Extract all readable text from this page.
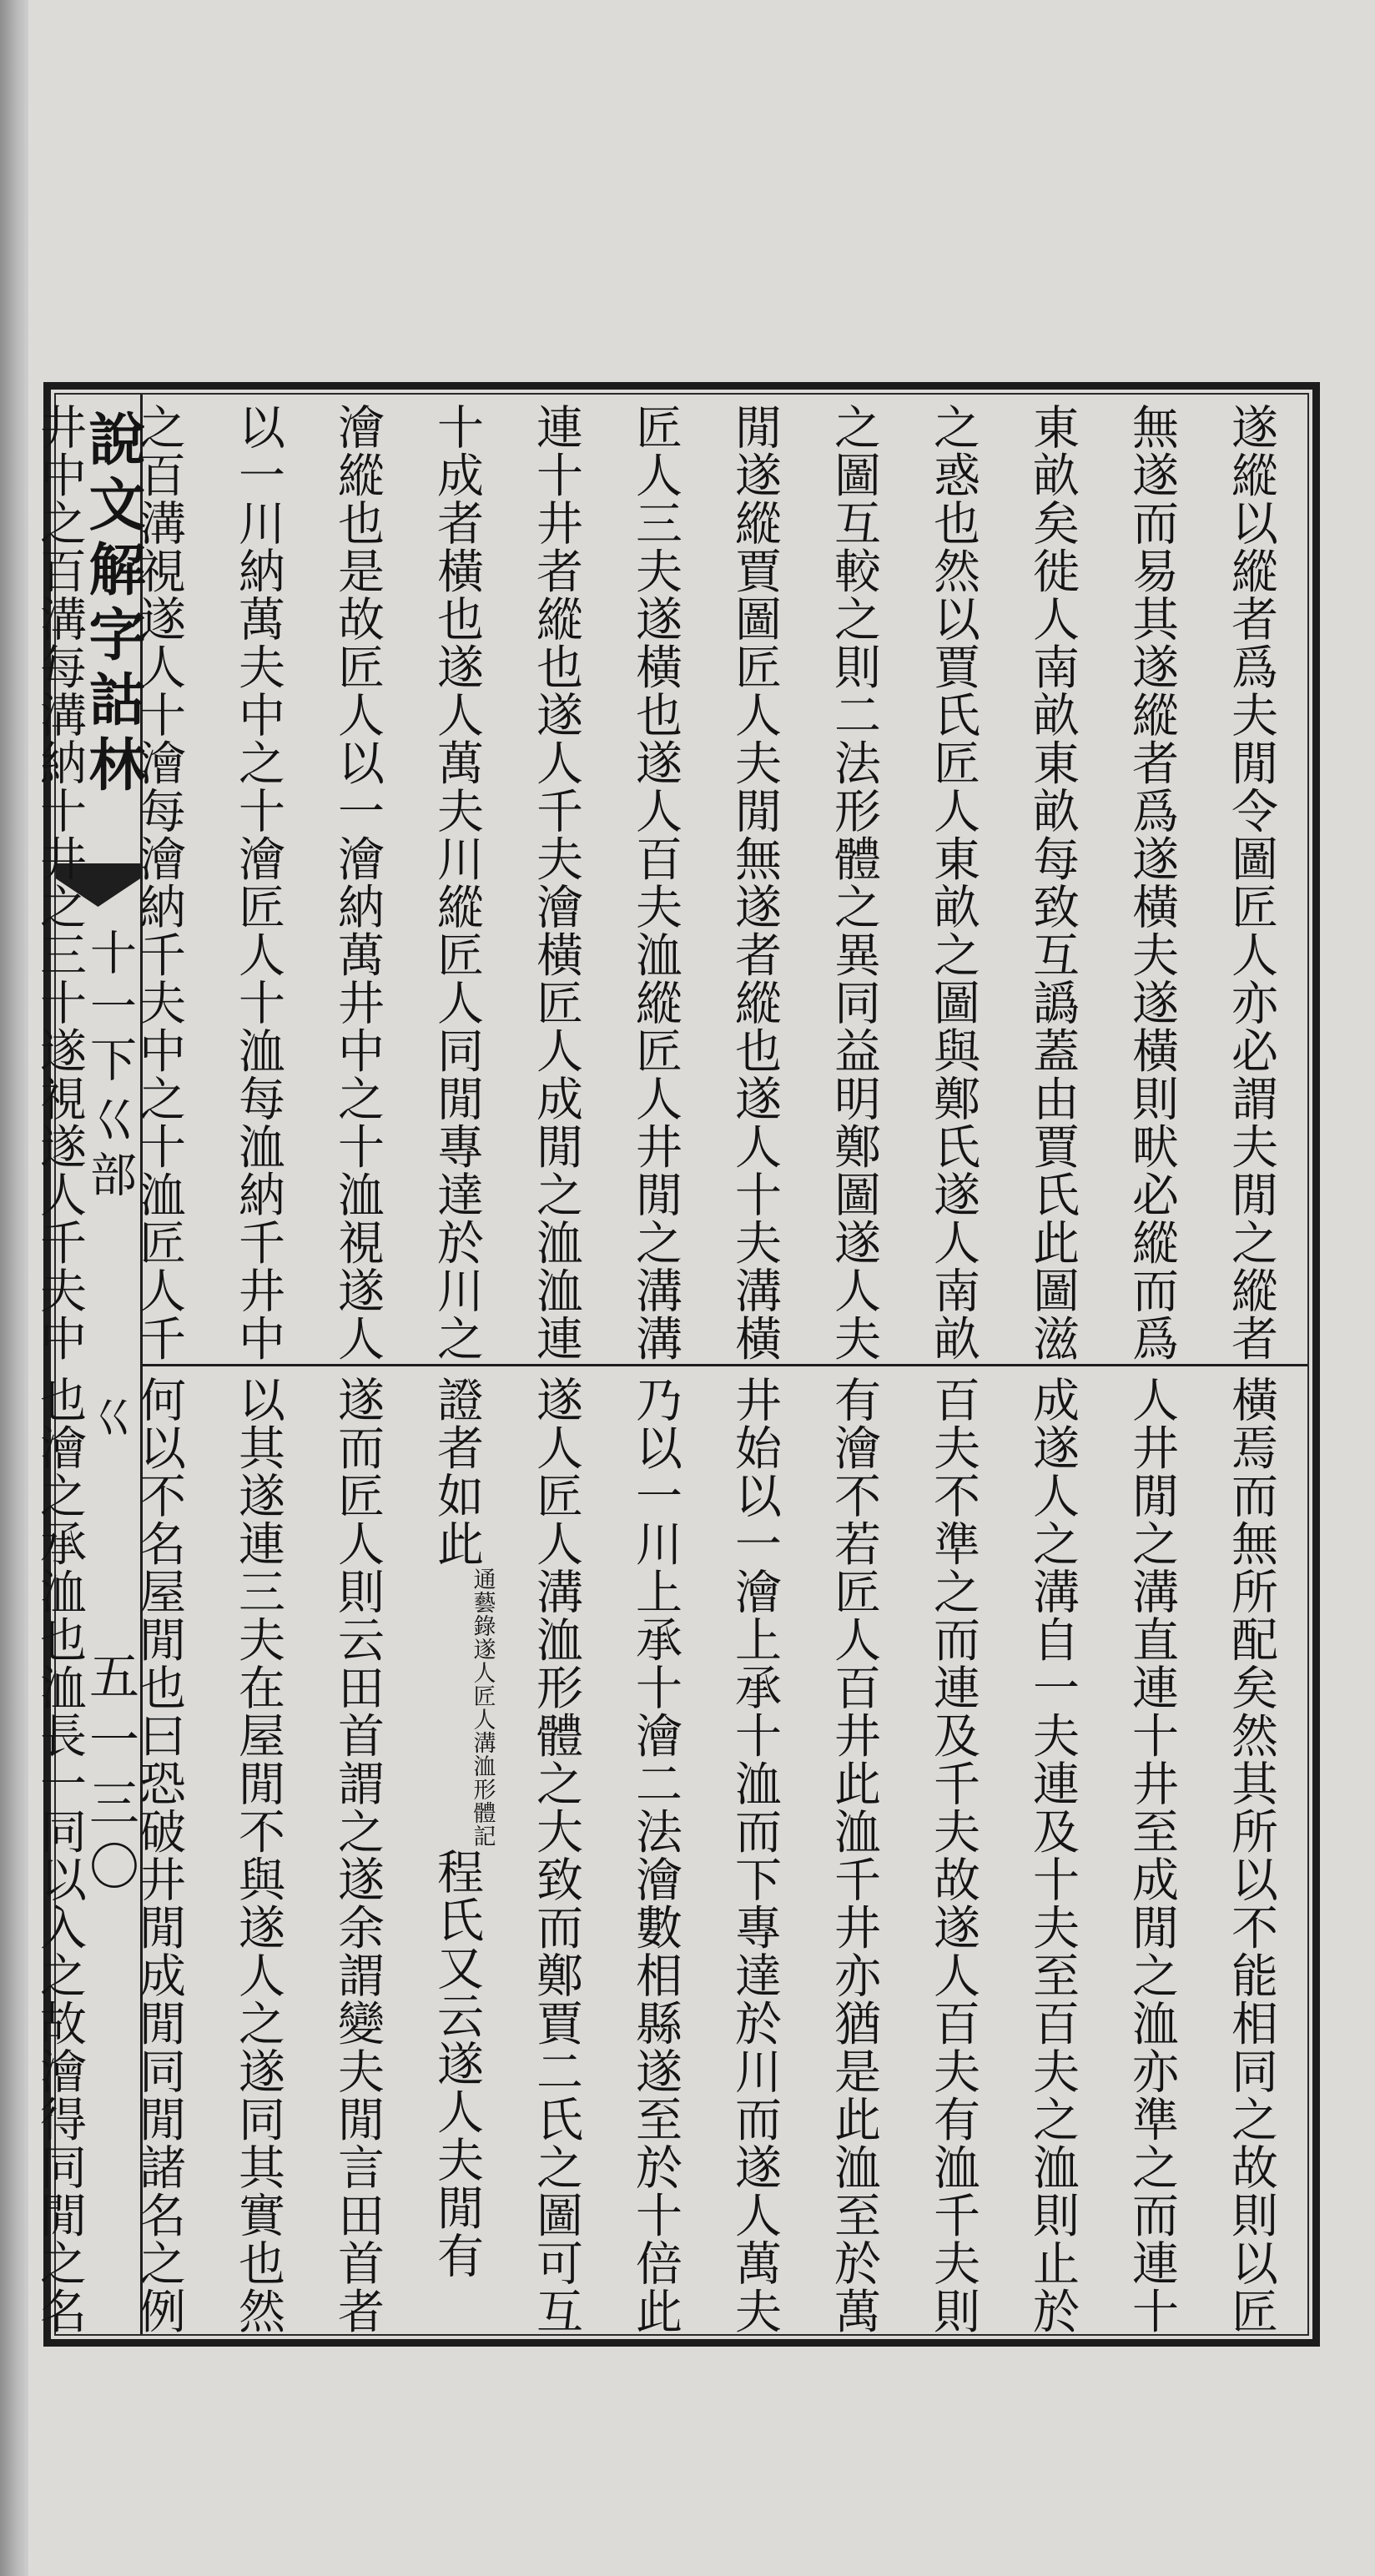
說文解字詁林
十一下
巜部
巜
五一三〇
遂縱以縱者爲夫閒令圖匠人亦必謂夫閒之縱者
無遂而易其遂縱者爲遂橫夫遂橫則畎必縱而爲
東畝矣徙人南畝東畝每致互譌蓋由賈氏此圖滋
之惑也然以賈氏匠人東畝之圖與鄭氏遂人南畝
之圖互較之則二法形體之異同益明鄭圖遂人夫
閒遂縱賈圖匠人夫閒無遂者縱也遂人十夫溝橫
匠人三夫遂橫也遂人百夫洫縱匠人井閒之溝溝
連十井者縱也遂人千夫澮橫匠人成閒之洫洫連
十成者橫也遂人萬夫川縱匠人同閒專達於川之
澮縱也是故匠人以一澮納萬井中之十洫視遂人
以一川納萬夫中之十澮匠人十洫每洫納千井中
之百溝視遂人十澮每澮納千夫中之十洫匠人千
井中之百溝每溝納十井之三十遂視遂人千夫中
橫焉而無所配矣然其所以不能相同之故則以匠
人井閒之溝直連十井至成閒之洫亦準之而連十
成遂人之溝自一夫連及十夫至百夫之洫則止於
百夫不準之而連及千夫故遂人百夫有洫千夫則
有澮不若匠人百井此洫千井亦猶是此洫至於萬
井始以一澮上承十洫而下專達於川而遂人萬夫
乃以一川上承十澮二法澮數相縣遂至於十倍此
遂人匠人溝洫形體之大致而鄭賈二氏之圖可互
證者如此通藝錄遂人匠人溝洫形體記程氏又云遂人夫閒有
遂而匠人則云田首謂之遂余謂變夫閒言田首者
以其遂連三夫在屋閒不與遂人之遂同其實也然
何以不名屋閒也曰恐破井閒成閒同閒諸名之例
也澮之承洫也洫長一同以入之故澮得同閒之名
